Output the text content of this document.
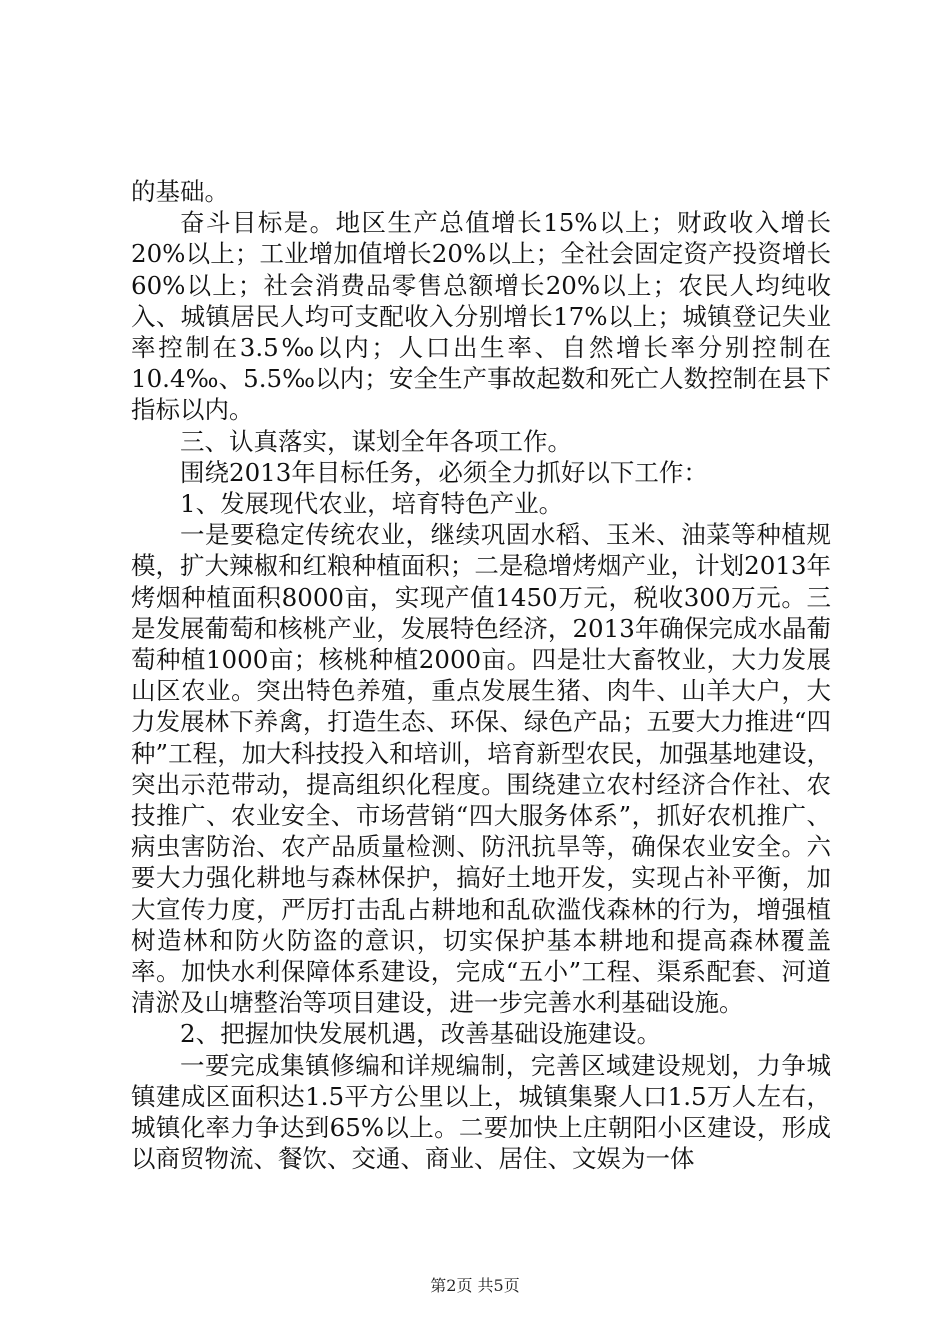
的基础。

奋斗目标是。地区生产总值增长15%以上；财政收入增长20%以上；工业增加值增长20%以上；全社会固定资产投资增长60%以上；社会消费品零售总额增长20%以上；农民人均纯收入、城镇居民人均可支配收入分别增长17%以上；城镇登记失业率控制在3.5‰以内；人口出生率、自然增长率分别控制在10.4‰、5.5‰以内；安全生产事故起数和死亡人数控制在县下指标以内。

三、认真落实，谋划全年各项工作。

围绕2013年目标任务，必须全力抓好以下工作：

1、发展现代农业，培育特色产业。

一是要稳定传统农业，继续巩固水稻、玉米、油菜等种植规模，扩大辣椒和红粮种植面积；二是稳增烤烟产业，计划2013年烤烟种植面积8000亩，实现产值1450万元，税收300万元。三是发展葡萄和核桃产业，发展特色经济，2013年确保完成水晶葡萄种植1000亩；核桃种植2000亩。四是壮大畜牧业，大力发展山区农业。突出特色养殖，重点发展生猪、肉牛、山羊大户，大力发展林下养禽，打造生态、环保、绿色产品；五要大力推进“四种”工程，加大科技投入和培训，培育新型农民，加强基地建设，突出示范带动，提高组织化程度。围绕建立农村经济合作社、农技推广、农业安全、市场营销“四大服务体系”，抓好农机推广、病虫害防治、农产品质量检测、防汛抗旱等，确保农业安全。六要大力强化耕地与森林保护，搞好土地开发，实现占补平衡，加大宣传力度，严厉打击乱占耕地和乱砍滥伐森林的行为，增强植树造林和防火防盗的意识，切实保护基本耕地和提高森林覆盖率。加快水利保障体系建设，完成“五小”工程、渠系配套、河道清淤及山塘整治等项目建设，进一步完善水利基础设施。

2、把握加快发展机遇，改善基础设施建设。

一要完成集镇修编和详规编制，完善区域建设规划，力争城镇建成区面积达1.5平方公里以上，城镇集聚人口1.5万人左右，城镇化率力争达到65%以上。二要加快上庄朝阳小区建设，形成以商贸物流、餐饮、交通、商业、居住、文娱为一体

第2页 共5页
